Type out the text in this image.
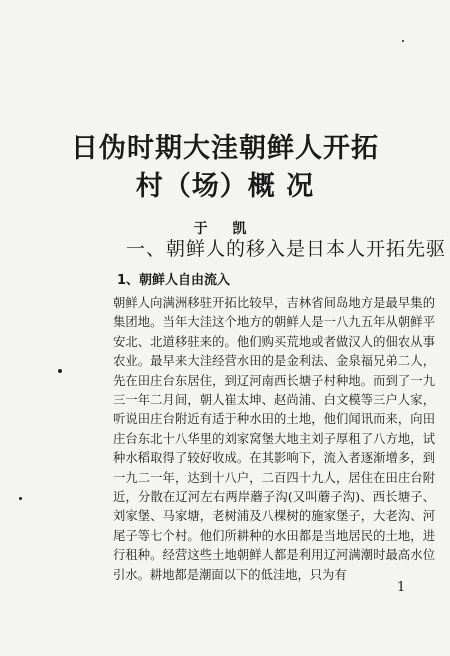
日伪时期大洼朝鲜人开拓
村（场）概 况
于 凯
一、朝鲜人的移入是日本人开拓先驱
1、朝鲜人自由流入
朝鲜人向满洲移驻开拓比较早，吉林省间岛地方是最早集的集团地。当年大洼这个地方的朝鲜人是一八九五年从朝鲜平安北、北道移驻来的。他们购买荒地或者做汉人的佃农从事农业。最早来大洼经营水田的是金利法、金泉福兄弟二人，先在田庄台东居住，到辽河南西长塘子村种地。而到了一九三一年二月间，朝人崔太坤、赵尚浦、白文模等三户人家，听说田庄台附近有适于种水田的土地，他们闻讯而来，向田庄台东北十八华里的刘家窝堡大地主刘子厚租了八方地，试种水稻取得了较好收成。在其影响下，流入者逐渐增多，到一九二一年，达到十八户，二百四十九人，居住在田庄台附近，分散在辽河左右两岸蘑子沟(又叫蘑子沟)、西长塘子、刘家堡、马家塘，老树浦及八棵树的施家堡子，大老沟、河尾子等七个村。他们所耕种的水田都是当地居民的土地，进行租种。经营这些土地朝鲜人都是利用辽河满潮时最高水位引水。耕地都是潮面以下的低洼地，只为有
1
